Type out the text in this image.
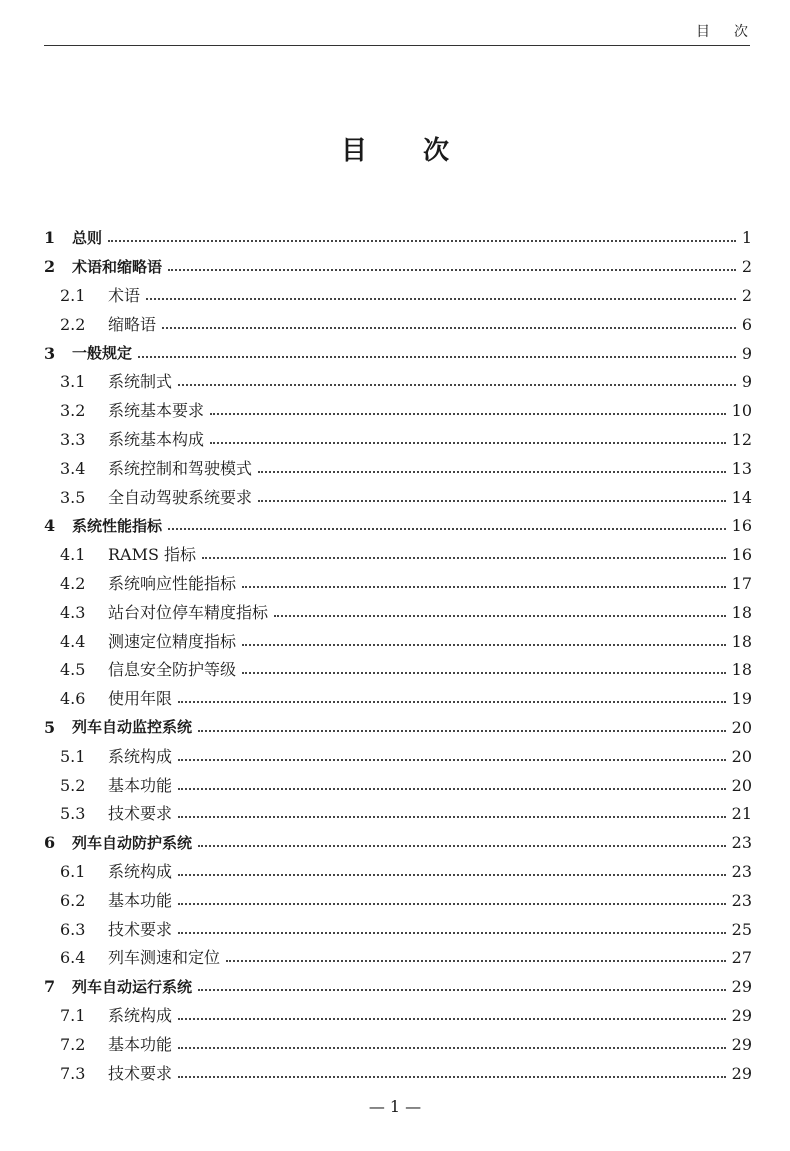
目 次
目 次
1	总则	1
2	术语和缩略语	2
2.1	术语	2
2.2	缩略语	6
3	一般规定	9
3.1	系统制式	9
3.2	系统基本要求	10
3.3	系统基本构成	12
3.4	系统控制和驾驶模式	13
3.5	全自动驾驶系统要求	14
4	系统性能指标	16
4.1	RAMS 指标	16
4.2	系统响应性能指标	17
4.3	站台对位停车精度指标	18
4.4	测速定位精度指标	18
4.5	信息安全防护等级	18
4.6	使用年限	19
5	列车自动监控系统	20
5.1	系统构成	20
5.2	基本功能	20
5.3	技术要求	21
6	列车自动防护系统	23
6.1	系统构成	23
6.2	基本功能	23
6.3	技术要求	25
6.4	列车测速和定位	27
7	列车自动运行系统	29
7.1	系统构成	29
7.2	基本功能	29
7.3	技术要求	29
— 1 —
